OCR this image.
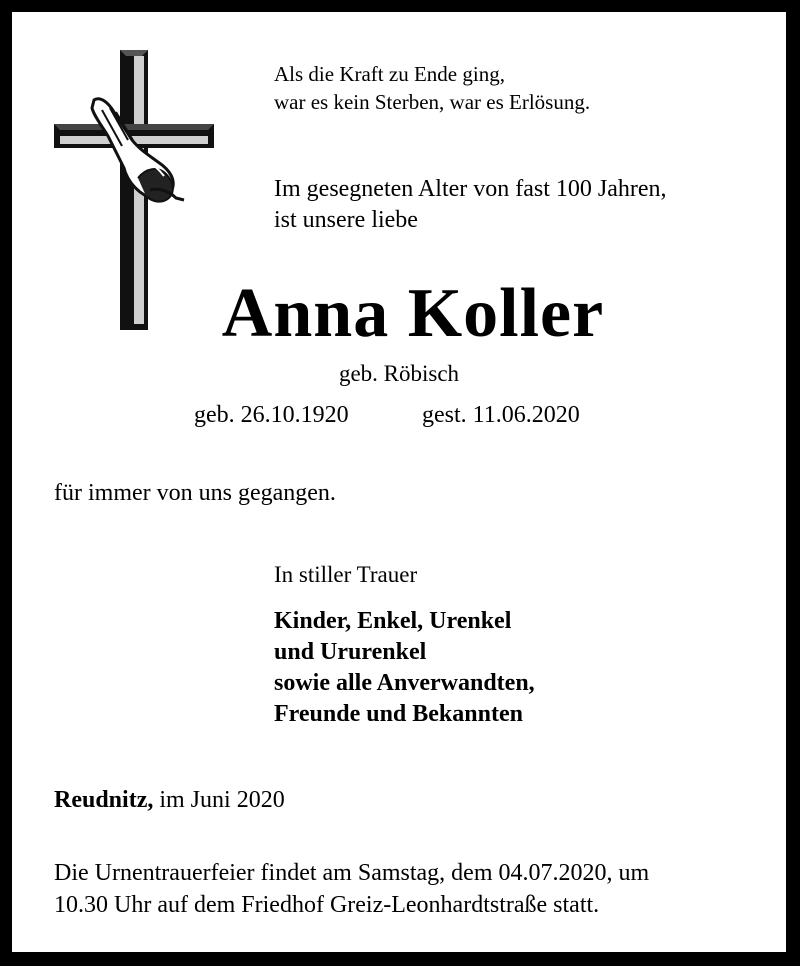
Als die Kraft zu Ende ging,
war es kein Sterben, war es Erlösung.
Im gesegneten Alter von fast 100 Jahren,
ist unsere liebe
Anna Koller
geb. Röbisch
geb. 26.10.1920	gest. 11.06.2020
für immer von uns gegangen.
In stiller Trauer
Kinder, Enkel, Urenkel
und Ururenkel
sowie alle Anverwandten,
Freunde und Bekannten
Reudnitz, im Juni 2020
Die Urnentrauerfeier findet am Samstag, dem 04.07.2020, um
10.30 Uhr auf dem Friedhof Greiz-Leonhardtstraße statt.
